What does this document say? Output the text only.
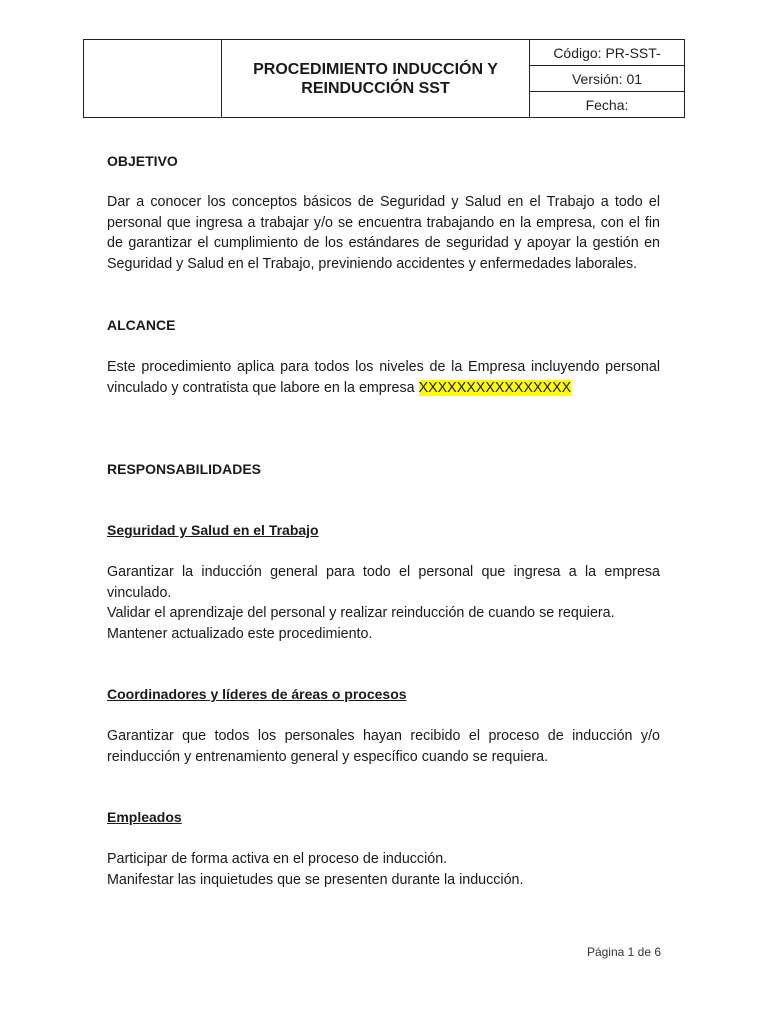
	PROCEDIMIENTO INDUCCIÓN Y
REINDUCCIÓN SST	Código: PR-SST-
Versión: 01
Fecha:

OBJETIVO

Dar a conocer los conceptos básicos de Seguridad y Salud en el Trabajo a todo el personal que ingresa a trabajar y/o se encuentra trabajando en la empresa, con el fin de garantizar el cumplimiento de los estándares de seguridad y apoyar la gestión en Seguridad y Salud en el Trabajo, previniendo accidentes y enfermedades laborales.

ALCANCE

Este procedimiento aplica para todos los niveles de la Empresa incluyendo personal vinculado y contratista que labore en la empresa XXXXXXXXXXXXXXXX

RESPONSABILIDADES

Seguridad y Salud en el Trabajo

Garantizar la inducción general para todo el personal que ingresa a la empresa vinculado.

Validar el aprendizaje del personal y realizar reinducción de cuando se requiera.

Mantener actualizado este procedimiento.

Coordinadores y líderes de áreas o procesos

Garantizar que todos los personales hayan recibido el proceso de inducción y/o reinducción y entrenamiento general y específico cuando se requiera.

Empleados

Participar de forma activa en el proceso de inducción.

Manifestar las inquietudes que se presenten durante la inducción.

Página 1 de 6
